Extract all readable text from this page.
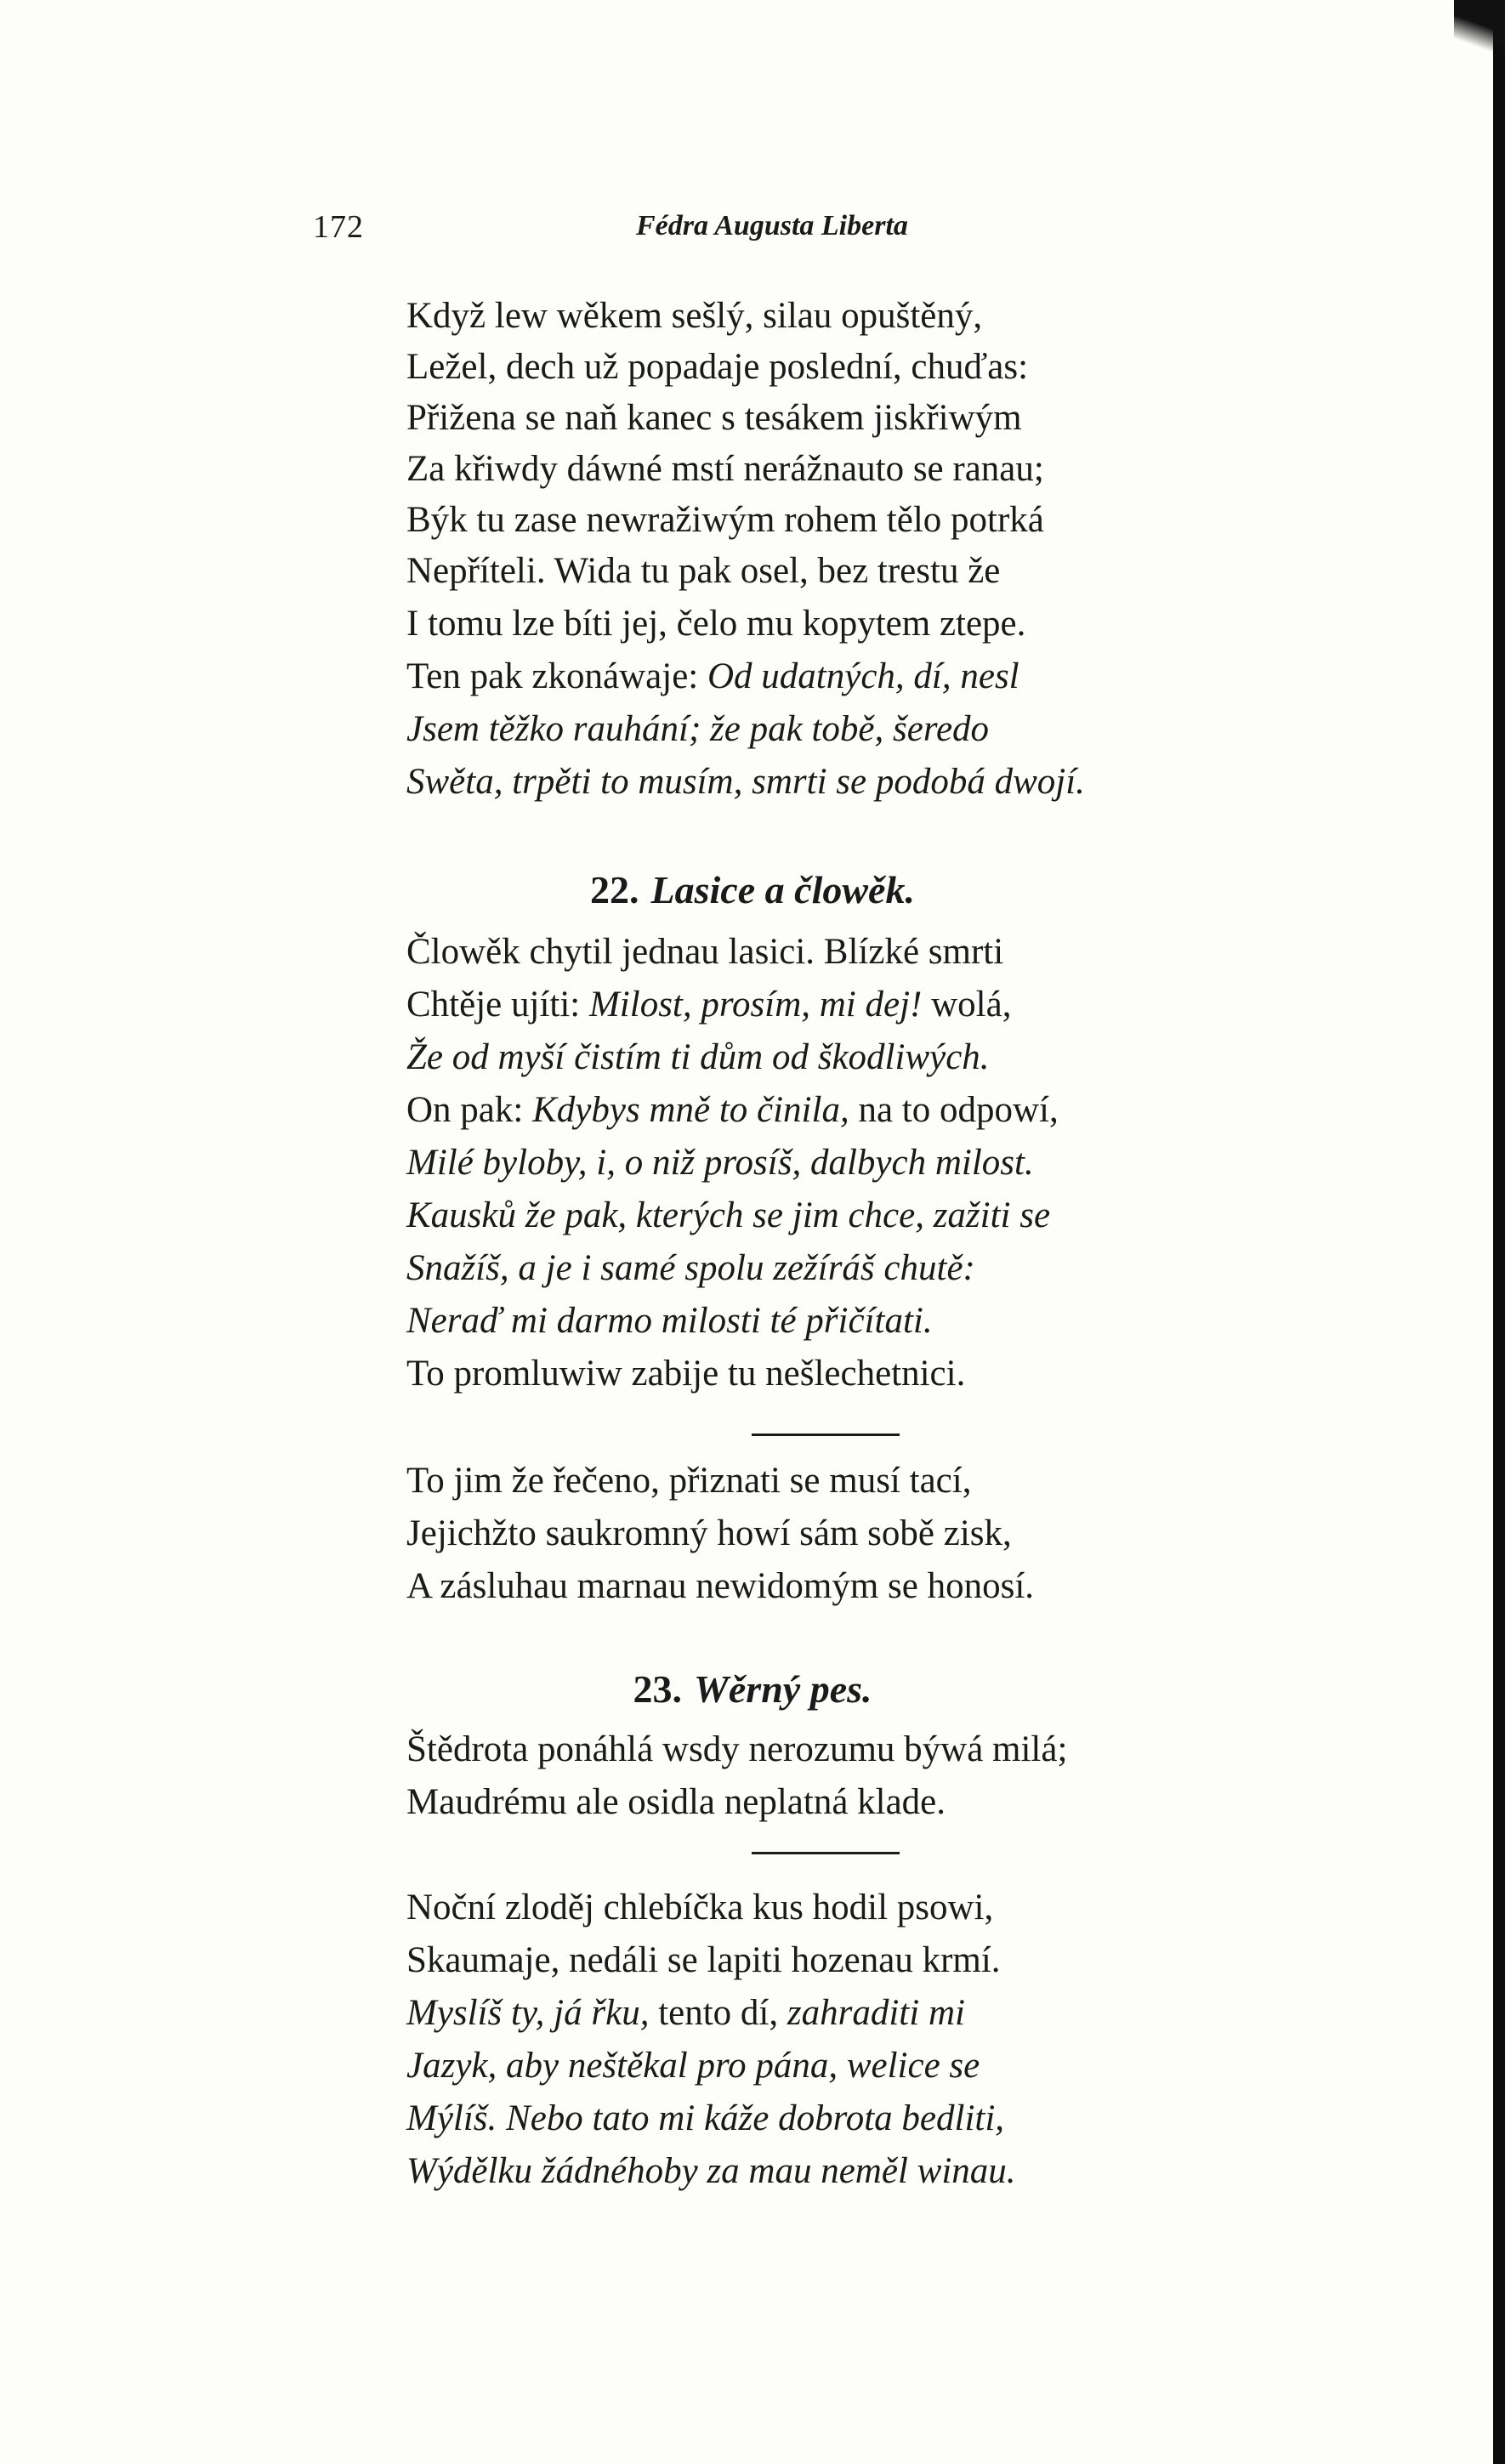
172	Fédra Augusta Liberta
Když lew wěkem sešlý, silau opuštěný,
Ležel, dech už popadaje poslední, chuďas:
Přižena se naň kanec s tesákem jiskřiwým
Za křiwdy dáwné mstí nerážnauto se ranau;
Býk tu zase newražiwým rohem tělo potrká
Nepříteli. Wida tu pak osel, bez trestu že
I tomu lze bíti jej, čelo mu kopytem ztepe.
Ten pak zkonáwaje: Od udatných, dí, nesl
Jsem těžko rauhání; že pak tobě, šeredo
Swěta, trpěti to musím, smrti se podobá dwojí.
22. Lasice a člowěk.
Člowěk chytil jednau lasici. Blízké smrti
Chtěje ujíti: Milost, prosím, mi dej! wolá,
Že od myší čistím ti dům od škodliwých.
On pak: Kdybys mně to činila, na to odpowí,
Milé byloby, i, o niž prosíš, dalbych milost.
Kausků že pak, kterých se jim chce, zažiti se
Snažíš, a je i samé spolu zežíráš chutě:
Neraď mi darmo milosti té přičítati.
To promluwiw zabije tu nešlechetnici.
To jim že řečeno, přiznati se musí tací,
Jejichžto saukromný howí sám sobě zisk,
A zásluhau marnau newidomým se honosí.
23. Wěrný pes.
Štědrota ponáhlá wsdy nerozumu býwá milá;
Maudrému ale osidla neplatná klade.
Noční zloděj chlebíčka kus hodil psowi,
Skaumaje, nedáli se lapiti hozenau krmí.
Myslíš ty, já řku, tento dí, zahraditi mi
Jazyk, aby neštěkal pro pána, welice se
Mýlíš. Nebo tato mi káže dobrota bedliti,
Wýdělku žádnéhoby za mau neměl winau.
